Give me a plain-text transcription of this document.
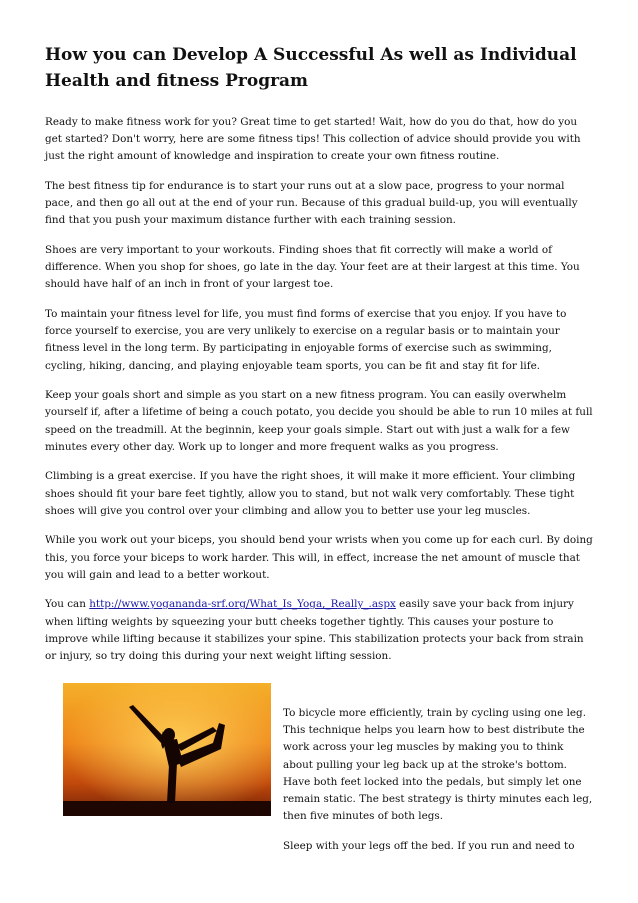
How you can Develop A Successful As well as Individual Health and fitness Program

Ready to make fitness work for you? Great time to get started! Wait, how do you do that, how do you get started? Don't worry, here are some fitness tips! This collection of advice should provide you with just the right amount of knowledge and inspiration to create your own fitness routine.

The best fitness tip for endurance is to start your runs out at a slow pace, progress to your normal pace, and then go all out at the end of your run. Because of this gradual build-up, you will eventually find that you push your maximum distance further with each training session.

Shoes are very important to your workouts. Finding shoes that fit correctly will make a world of difference. When you shop for shoes, go late in the day. Your feet are at their largest at this time. You should have half of an inch in front of your largest toe.

To maintain your fitness level for life, you must find forms of exercise that you enjoy. If you have to force yourself to exercise, you are very unlikely to exercise on a regular basis or to maintain your fitness level in the long term. By participating in enjoyable forms of exercise such as swimming, cycling, hiking, dancing, and playing enjoyable team sports, you can be fit and stay fit for life.

Keep your goals short and simple as you start on a new fitness program. You can easily overwhelm yourself if, after a lifetime of being a couch potato, you decide you should be able to run 10 miles at full speed on the treadmill. At the beginnin, keep your goals simple. Start out with just a walk for a few minutes every other day. Work up to longer and more frequent walks as you progress.

Climbing is a great exercise. If you have the right shoes, it will make it more efficient. Your climbing shoes should fit your bare feet tightly, allow you to stand, but not walk very comfortably. These tight shoes will give you control over your climbing and allow you to better use your leg muscles.

While you work out your biceps, you should bend your wrists when you come up for each curl. By doing this, you force your biceps to work harder. This will, in effect, increase the net amount of muscle that you will gain and lead to a better workout.

You can http://www.yogananda-srf.org/What_Is_Yoga,_Really_.aspx easily save your back from injury when lifting weights by squeezing your butt cheeks together tightly. This causes your posture to improve while lifting because it stabilizes your spine. This stabilization protects your back from strain or injury, so try doing this during your next weight lifting session.

To bicycle more efficiently, train by cycling using one leg. This technique helps you learn how to best distribute the work across your leg muscles by making you to think about pulling your leg back up at the stroke's bottom. Have both feet locked into the pedals, but simply let one remain static. The best strategy is thirty minutes each leg, then five minutes of both legs.

Sleep with your legs off the bed. If you run and need to
